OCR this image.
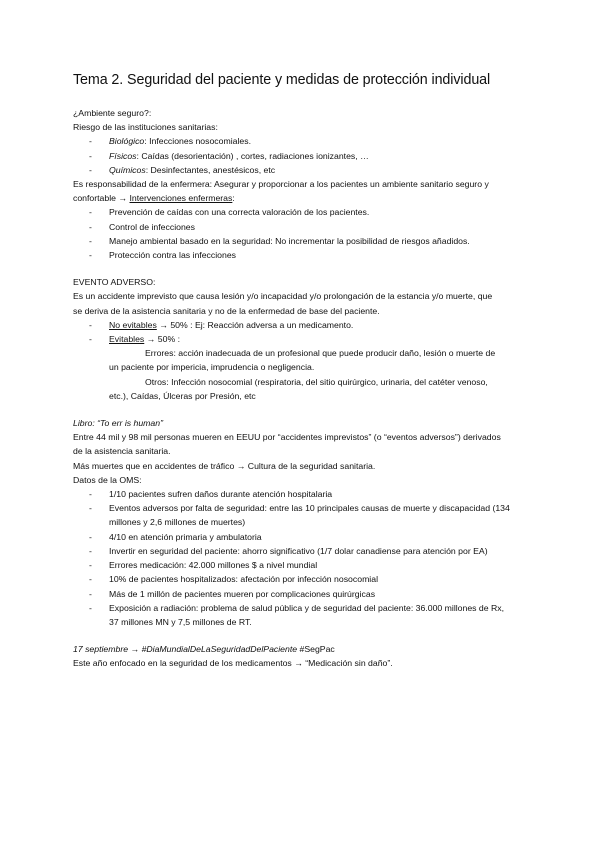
Tema 2. Seguridad del paciente y medidas de protección individual

¿Ambiente seguro?:

Riesgo de las instituciones sanitarias:

- Biológico: Infecciones nosocomiales.
- Físicos: Caídas (desorientación) , cortes, radiaciones ionizantes, …
- Químicos: Desinfectantes, anestésicos, etc

Es responsabilidad de la enfermera: Asegurar y proporcionar a los pacientes un ambiente sanitario seguro y

confortable → Intervenciones enfermeras:

- Prevención de caídas con una correcta valoración de los pacientes.
- Control de infecciones
- Manejo ambiental basado en la seguridad: No incrementar la posibilidad de riesgos añadidos.
- Protección contra las infecciones

EVENTO ADVERSO:

Es un accidente imprevisto que causa lesión y/o incapacidad y/o prolongación de la estancia y/o muerte, que

se deriva de la asistencia sanitaria y no de la enfermedad de base del paciente.

- No evitables → 50% : Ej: Reacción adversa a un medicamento.
- Evitables → 50% :

Errores: acción inadecuada de un profesional que puede producir daño, lesión o muerte de

un paciente por impericia, imprudencia o negligencia.

Otros: Infección nosocomial (respiratoria, del sitio quirúrgico, urinaria, del catéter venoso,

etc.), Caídas, Úlceras por Presión, etc

Libro: “To err is human”

Entre 44 mil y 98 mil personas mueren en EEUU por “accidentes imprevistos” (o “eventos adversos”) derivados

de la asistencia sanitaria.

Más muertes que en accidentes de tráfico → Cultura de la seguridad sanitaria.

Datos de la OMS:

- 1/10 pacientes sufren daños durante atención hospitalaria
- Eventos adversos por falta de seguridad: entre las 10 principales causas de muerte y discapacidad (134
millones y 2,6 millones de muertes)
- 4/10 en atención primaria y ambulatoria
- Invertir en seguridad del paciente: ahorro significativo (1/7 dolar canadiense para atención por EA)
- Errores medicación: 42.000 millones $ a nivel mundial
- 10% de pacientes hospitalizados: afectación por infección nosocomial
- Más de 1 millón de pacientes mueren por complicaciones quirúrgicas
- Exposición a radiación: problema de salud pública y de seguridad del paciente: 36.000 millones de Rx,
37 millones MN y 7,5 millones de RT.

17 septiembre → #DiaMundialDeLaSeguridadDelPaciente #SegPac

Este año enfocado en la seguridad de los medicamentos → “Medicación sin daño”.
